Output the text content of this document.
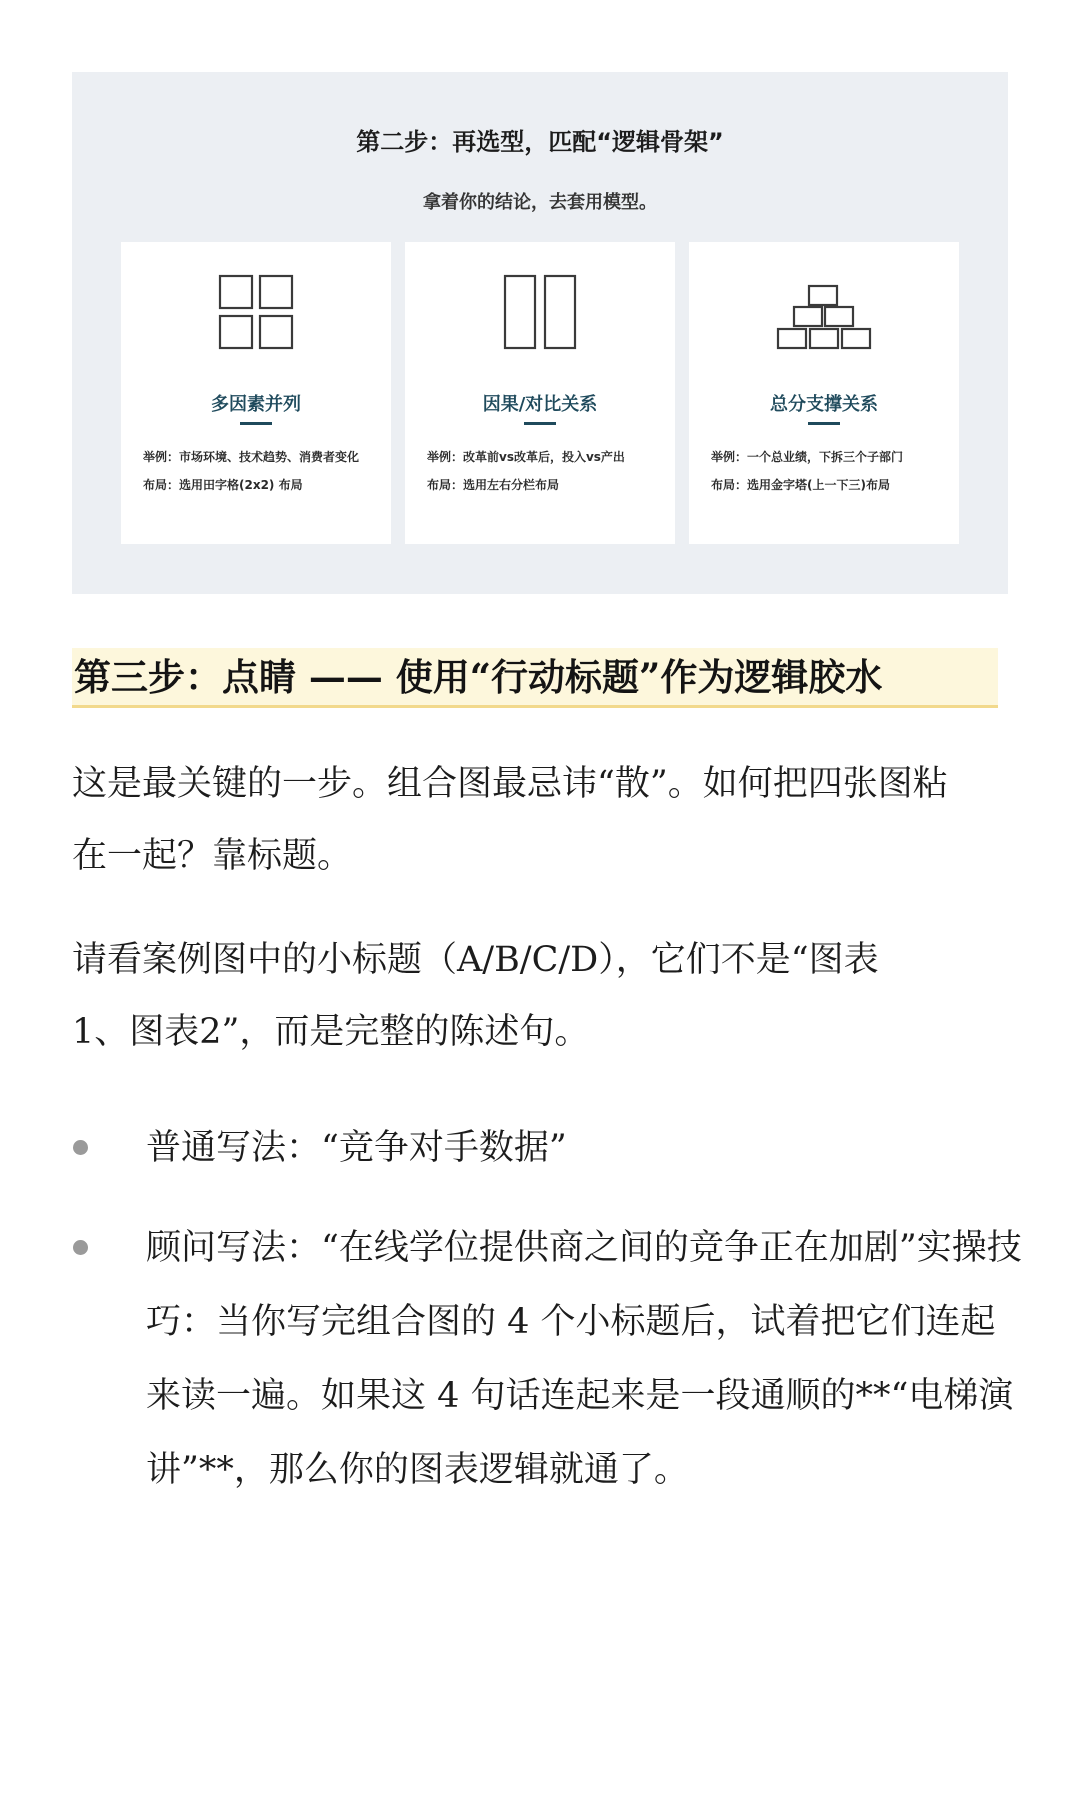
第二步：再选型，匹配“逻辑骨架”
拿着你的结论，去套用模型。
多因素并列
举例：市场环境、技术趋势、消费者变化
布局：选用田字格(2x2) 布局
因果/对比关系
举例：改革前vs改革后，投入vs产出
布局：选用左右分栏布局
总分支撑关系
举例：一个总业绩，下拆三个子部门
布局：选用金字塔(上一下三)布局
第三步：点睛 —— 使用“行动标题”作为逻辑胶水
这是最关键的一步。组合图最忌讳“散”。如何把四张图粘在一起？靠标题。
请看案例图中的小标题（A/B/C/D），它们不是“图表1、图表2”，而是完整的陈述句。
普通写法：“竞争对手数据”
顾问写法：“在线学位提供商之间的竞争正在加剧”实操技巧：当你写完组合图的 4 个小标题后，试着把它们连起来读一遍。如果这 4 句话连起来是一段通顺的**“电梯演讲”**，那么你的图表逻辑就通了。
